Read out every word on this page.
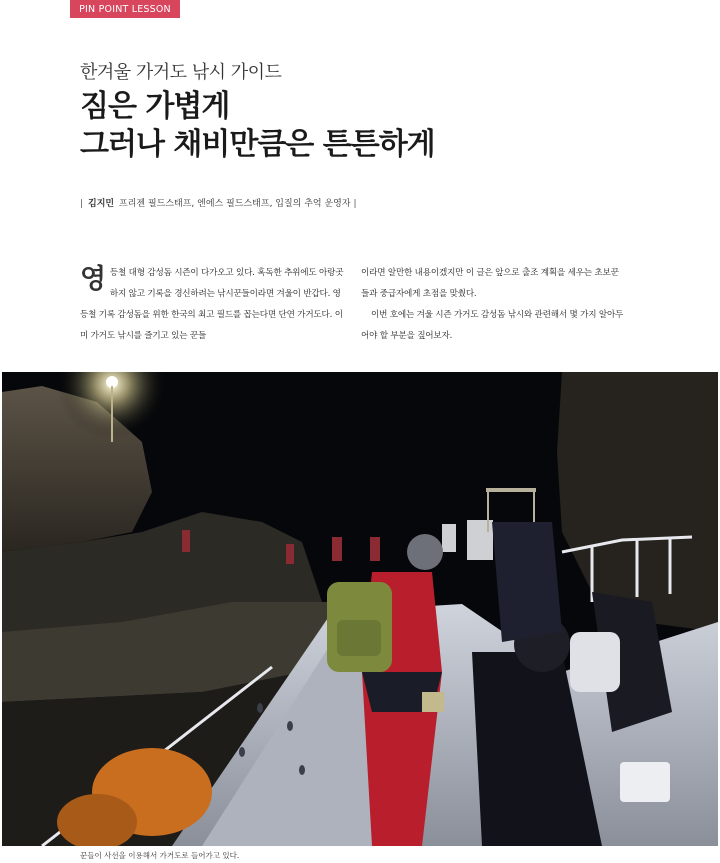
PIN POINT LESSON
한겨울 가거도 낚시 가이드
짐은 가볍게
그러나 채비만큼은 튼튼하게
| 김지민 프리젠 필드스태프, 엔에스 필드스태프, 입질의 추억 운영자 |
영 등철 대형 감성돔 시즌이 다가오고 있다. 혹독한 추위에도 아랑곳하지 않고 기록을 경신하려는 낚시꾼들이라면 겨울이 반갑다. 영등철 기록 감성돔을 위한 한국의 최고 필드를 꼽는다면 단연 가거도다. 이미 가거도 낚시를 즐기고 있는 꾼들

이라면 알만한 내용이겠지만 이 글은 앞으로 출조 계획을 세우는 초보꾼들과 중급자에게 초점을 맞췄다.

이번 호에는 겨울 시즌 가거도 감성돔 낚시와 관련해서 몇 가지 알아두어야 할 부분을 짚어보자.

꾼들이 사선을 이용해서 가거도로 들어가고 있다.
